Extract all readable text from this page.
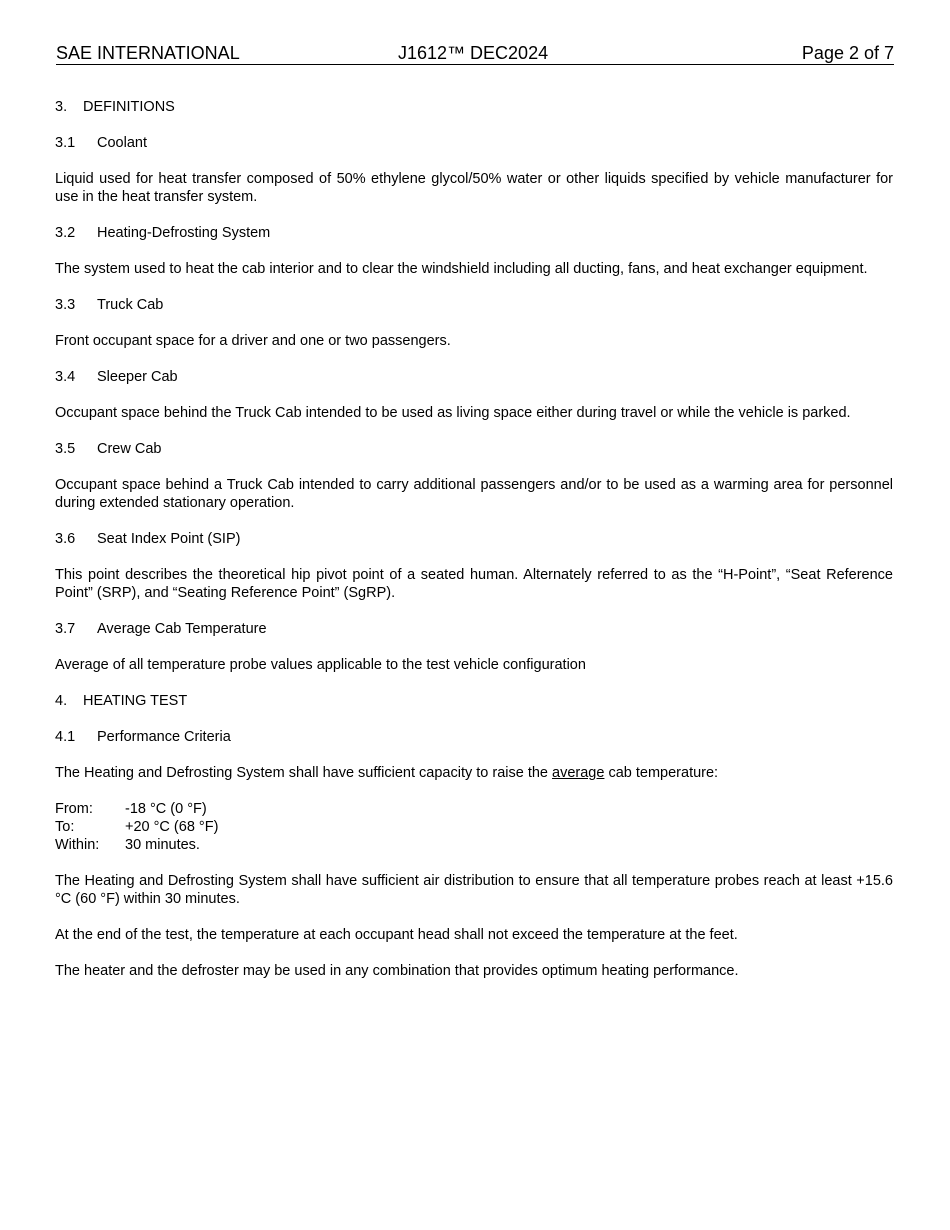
SAE INTERNATIONAL	J1612™ DEC2024	Page 2 of 7
3. DEFINITIONS
3.1 Coolant

Liquid used for heat transfer composed of 50% ethylene glycol/50% water or other liquids specified by vehicle manufacturer for use in the heat transfer system.

3.2 Heating-Defrosting System

The system used to heat the cab interior and to clear the windshield including all ducting, fans, and heat exchanger equipment.

3.3 Truck Cab

Front occupant space for a driver and one or two passengers.

3.4 Sleeper Cab

Occupant space behind the Truck Cab intended to be used as living space either during travel or while the vehicle is parked.

3.5 Crew Cab

Occupant space behind a Truck Cab intended to carry additional passengers and/or to be used as a warming area for personnel during extended stationary operation.

3.6 Seat Index Point (SIP)

This point describes the theoretical hip pivot point of a seated human. Alternately referred to as the “H-Point”, “Seat Reference Point” (SRP), and “Seating Reference Point” (SgRP).

3.7 Average Cab Temperature

Average of all temperature probe values applicable to the test vehicle configuration

4. HEATING TEST
4.1 Performance Criteria

The Heating and Defrosting System shall have sufficient capacity to raise the average cab temperature:

From: -18 °C (0 °F)
To:	+20 °C (68 °F)
Within: 30 minutes.

The Heating and Defrosting System shall have sufficient air distribution to ensure that all temperature probes reach at least +15.6 °C (60 °F) within 30 minutes.

At the end of the test, the temperature at each occupant head shall not exceed the temperature at the feet.

The heater and the defroster may be used in any combination that provides optimum heating performance.
